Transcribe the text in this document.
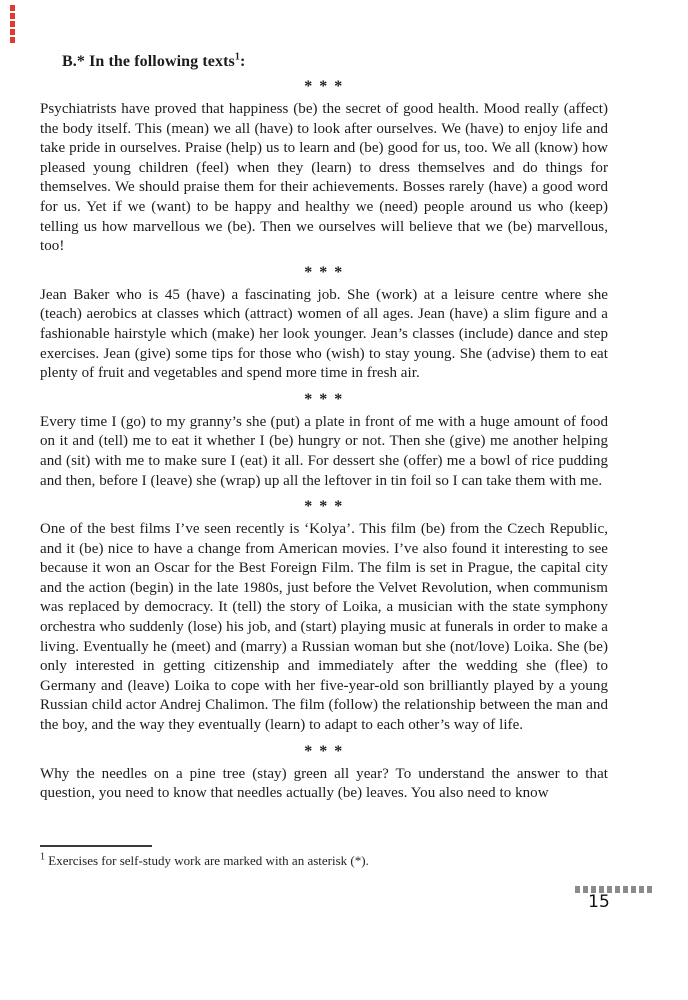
B.* In the following texts$^1$:
* * *

Psychiatrists have proved that happiness (be) the secret of good health. Mood really (affect) the body itself. This (mean) we all (have) to look after ourselves. We (have) to enjoy life and take pride in ourselves. Praise (help) us to learn and (be) good for us, too. We all (know) how pleased young children (feel) when they (learn) to dress themselves and do things for themselves. We should praise them for their achievements. Bosses rarely (have) a good word for us. Yet if we (want) to be happy and healthy we (need) people around us who (keep) telling us how marvellous we (be). Then we ourselves will believe that we (be) marvellous, too!

* * *

Jean Baker who is 45 (have) a fascinating job. She (work) at a leisure centre where she (teach) aerobics at classes which (attract) women of all ages. Jean (have) a slim figure and a fashionable hairstyle which (make) her look younger. Jean’s classes (include) dance and step exercises. Jean (give) some tips for those who (wish) to stay young. She (advise) them to eat plenty of fruit and vegetables and spend more time in fresh air.

* * *

Every time I (go) to my granny’s she (put) a plate in front of me with a huge amount of food on it and (tell) me to eat it whether I (be) hungry or not. Then she (give) me another helping and (sit) with me to make sure I (eat) it all. For dessert she (offer) me a bowl of rice pudding and then, before I (leave) she (wrap) up all the leftover in tin foil so I can take them with me.

* * *

One of the best films I’ve seen recently is ‘Kolya’. This film (be) from the Czech Republic, and it (be) nice to have a change from American movies. I’ve also found it interesting to see because it won an Oscar for the Best Foreign Film. The film is set in Prague, the capital city and the action (begin) in the late 1980s, just before the Velvet Revolution, when communism was replaced by democracy. It (tell) the story of Loika, a musician with the state symphony orchestra who suddenly (lose) his job, and (start) playing music at funerals in order to make a living. Eventually he (meet) and (marry) a Russian woman but she (not/love) Loika. She (be) only interested in getting citizenship and immediately after the wedding she (flee) to Germany and (leave) Loika to cope with her five-year-old son brilliantly played by a young Russian child actor Andrej Chalimon. The film (follow) the relationship between the man and the boy, and the way they eventually (learn) to adapt to each other’s way of life.

* * *

Why the needles on a pine tree (stay) green all year? To understand the answer to that question, you need to know that needles actually (be) leaves. You also need to know

$^1$ Exercises for self-study work are marked with an asterisk (*).

15
